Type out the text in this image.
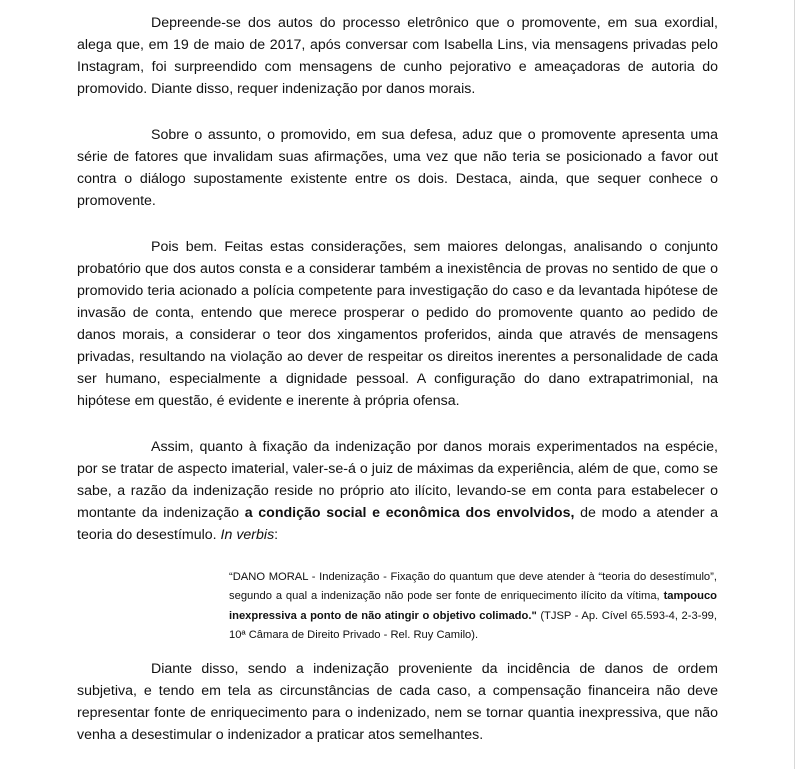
Depreende-se dos autos do processo eletrônico que o promovente, em sua exordial, alega que, em 19 de maio de 2017, após conversar com Isabella Lins, via mensagens privadas pelo Instagram, foi surpreendido com mensagens de cunho pejorativo e ameaçadoras de autoria do promovido. Diante disso, requer indenização por danos morais.

Sobre o assunto, o promovido, em sua defesa, aduz que o promovente apresenta uma série de fatores que invalidam suas afirmações, uma vez que não teria se posicionado a favor out contra o diálogo supostamente existente entre os dois. Destaca, ainda, que sequer conhece o promovente.

Pois bem. Feitas estas considerações, sem maiores delongas, analisando o conjunto probatório que dos autos consta e a considerar também a inexistência de provas no sentido de que o promovido teria acionado a polícia competente para investigação do caso e da levantada hipótese de invasão de conta, entendo que merece prosperar o pedido do promovente quanto ao pedido de danos morais, a considerar o teor dos xingamentos proferidos, ainda que através de mensagens privadas, resultando na violação ao dever de respeitar os direitos inerentes a personalidade de cada ser humano, especialmente a dignidade pessoal. A configuração do dano extrapatrimonial, na hipótese em questão, é evidente e inerente à própria ofensa.

Assim, quanto à fixação da indenização por danos morais experimentados na espécie, por se tratar de aspecto imaterial, valer-se-á o juiz de máximas da experiência, além de que, como se sabe, a razão da indenização reside no próprio ato ilícito, levando-se em conta para estabelecer o montante da indenização a condição social e econômica dos envolvidos, de modo a atender a teoria do desestímulo. In verbis:

“DANO MORAL - Indenização - Fixação do quantum que deve atender à “teoria do desestímulo”, segundo a qual a indenização não pode ser fonte de enriquecimento ilícito da vítima, tampouco inexpressiva a ponto de não atingir o objetivo colimado." (TJSP - Ap. Cível 65.593-4, 2-3-99, 10ª Câmara de Direito Privado - Rel. Ruy Camilo).

Diante disso, sendo a indenização proveniente da incidência de danos de ordem subjetiva, e tendo em tela as circunstâncias de cada caso, a compensação financeira não deve representar fonte de enriquecimento para o indenizado, nem se tornar quantia inexpressiva, que não venha a desestimular o indenizador a praticar atos semelhantes.
